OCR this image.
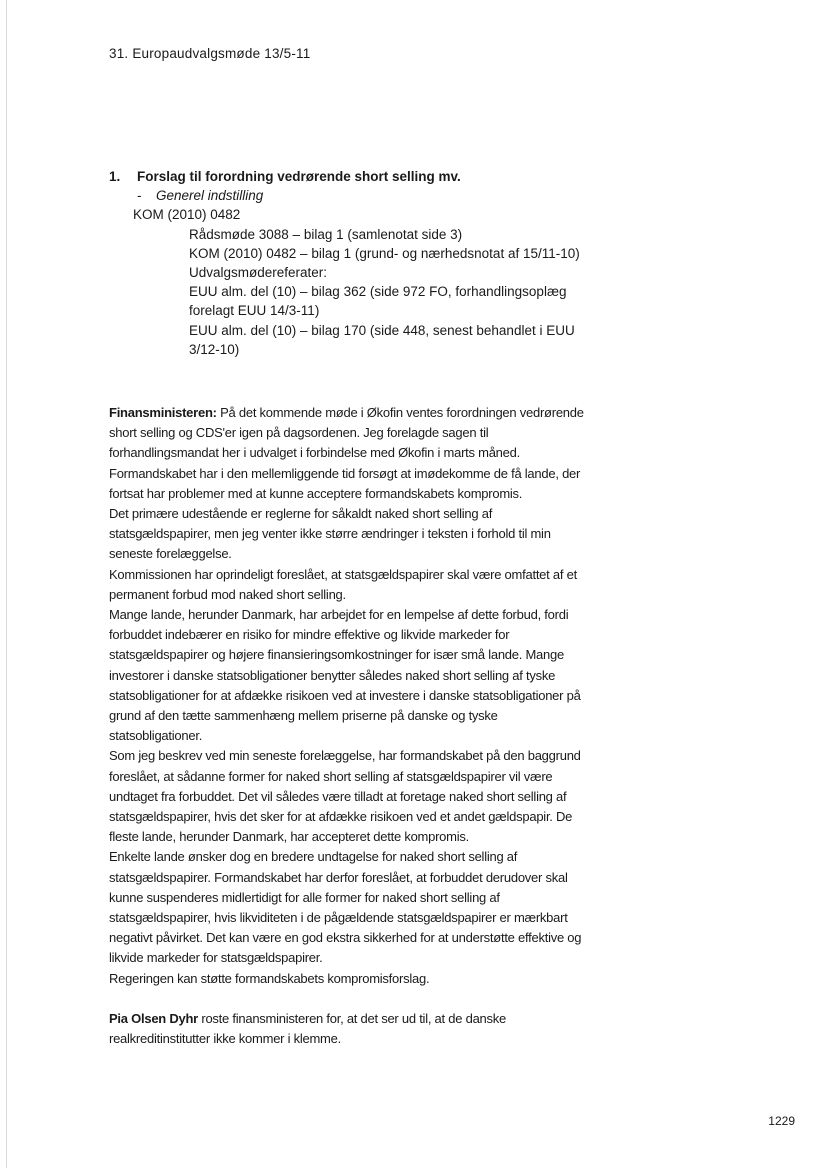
31. Europaudvalgsmøde 13/5-11
1. Forslag til forordning vedrørende short selling mv.
- Generel indstilling
KOM (2010) 0482
Rådsmøde 3088 – bilag 1 (samlenotat side 3)
KOM (2010) 0482 – bilag 1 (grund- og nærhedsnotat af 15/11-10)
Udvalgsmødereferater:
EUU alm. del (10) – bilag 362 (side 972 FO, forhandlingsoplæg forelagt EUU 14/3-11)
EUU alm. del (10) – bilag 170 (side 448, senest behandlet i EUU 3/12-10)

Finansministeren: På det kommende møde i Økofin ventes forordningen vedrørende short selling og CDS'er igen på dagsordenen. Jeg forelagde sagen til forhandlingsmandat her i udvalget i forbindelse med Økofin i marts måned.

Formandskabet har i den mellemliggende tid forsøgt at imødekomme de få lande, der fortsat har problemer med at kunne acceptere formandskabets kompromis.

Det primære udestående er reglerne for såkaldt naked short selling af statsgældspapirer, men jeg venter ikke større ændringer i teksten i forhold til min seneste forelæggelse.

Kommissionen har oprindeligt foreslået, at statsgældspapirer skal være omfattet af et permanent forbud mod naked short selling.

Mange lande, herunder Danmark, har arbejdet for en lempelse af dette forbud, fordi forbuddet indebærer en risiko for mindre effektive og likvide markeder for statsgældspapirer og højere finansieringsomkostninger for især små lande. Mange investorer i danske statsobligationer benytter således naked short selling af tyske statsobligationer for at afdække risikoen ved at investere i danske statsobligationer på grund af den tætte sammenhæng mellem priserne på danske og tyske statsobligationer.

Som jeg beskrev ved min seneste forelæggelse, har formandskabet på den baggrund foreslået, at sådanne former for naked short selling af statsgældspapirer vil være undtaget fra forbuddet. Det vil således være tilladt at foretage naked short selling af statsgældspapirer, hvis det sker for at afdække risikoen ved et andet gældspapir. De fleste lande, herunder Danmark, har accepteret dette kompromis.

Enkelte lande ønsker dog en bredere undtagelse for naked short selling af statsgældspapirer. Formandskabet har derfor foreslået, at forbuddet derudover skal kunne suspenderes midlertidigt for alle former for naked short selling af statsgældspapirer, hvis likviditeten i de pågældende statsgældspapirer er mærkbart negativt påvirket. Det kan være en god ekstra sikkerhed for at understøtte effektive og likvide markeder for statsgældspapirer.

Regeringen kan støtte formandskabets kompromisforslag.

Pia Olsen Dyhr roste finansministeren for, at det ser ud til, at de danske realkreditinstitutter ikke kommer i klemme.

1229
